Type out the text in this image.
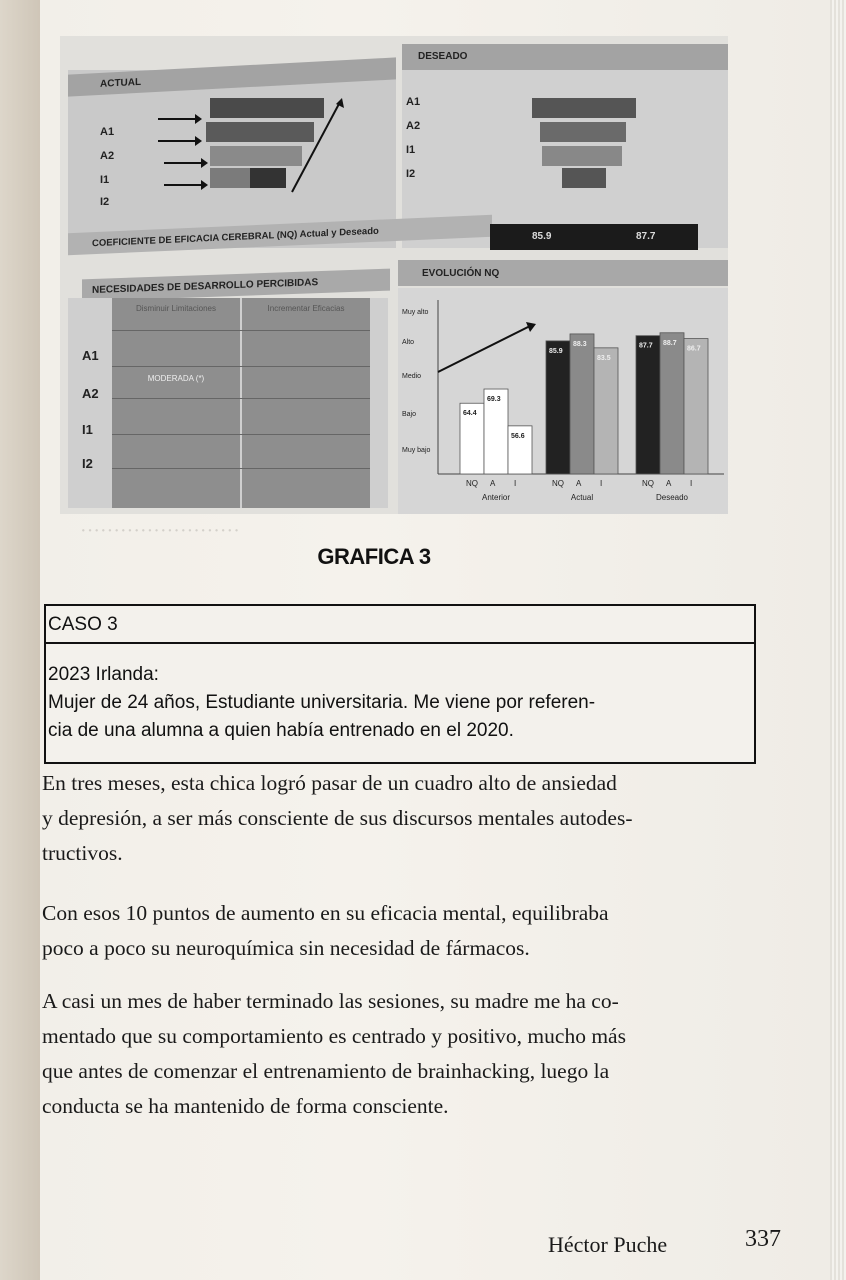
························
ACTUAL
A1
A2
I1
I2
DESEADO
A1
A2
I1
I2
COEFICIENTE DE EFICACIA CEREBRAL (NQ) Actual y Deseado	85.9	87.7
NECESIDADES DE DESARROLLO PERCIBIDAS
Disminuir Limitaciones	Incrementar Eficacias
MODERADA (*)
A1
A2
I1
I2
EVOLUCIÓN NQ
Muy alto
Alto
Medio
Bajo
Muy bajo
64.4
69.3
56.6
85.9
88.3
83.5
87.7 88.7
86.7
NQ A I
Anterior
NQ A I
Actual
NQ A I
Deseado
GRAFICA 3
CASO 3
2023 Irlanda:
Mujer de 24 años, Estudiante universitaria. Me viene por referen-
cia de una alumna a quien había entrenado en el 2020.
En tres meses, esta chica logró pasar de un cuadro alto de ansiedad
y depresión, a ser más consciente de sus discursos mentales autodes-
tructivos.
Con esos 10 puntos de aumento en su eficacia mental, equilibraba
poco a poco su neuroquímica sin necesidad de fármacos.
A casi un mes de haber terminado las sesiones, su madre me ha co-
mentado que su comportamiento es centrado y positivo, mucho más
que antes de comenzar el entrenamiento de brainhacking, luego la
conducta se ha mantenido de forma consciente.
Héctor Puche	337
